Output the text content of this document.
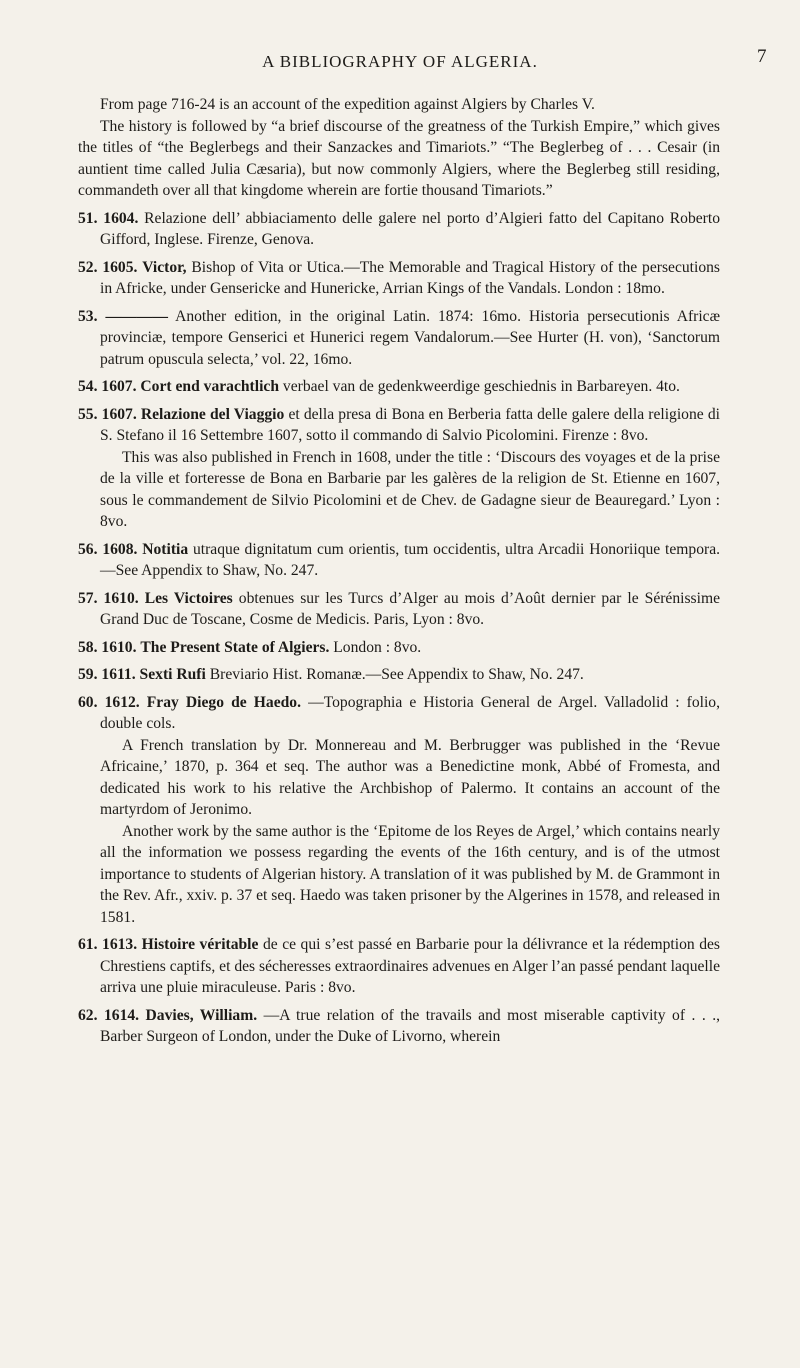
A BIBLIOGRAPHY OF ALGERIA.	7

From page 716-24 is an account of the expedition against Algiers by Charles V.

The history is followed by “a brief discourse of the greatness of the Turkish Empire,” which gives the titles of “the Beglerbegs and their Sanzackes and Timariots.” “The Beglerbeg of . . . Cesair (in auntient time called Julia Cæsaria), but now commonly Algiers, where the Beglerbeg still residing, commandeth over all that kingdome wherein are fortie thousand Timariots.”

51. 1604. Relazione dell’ abbiaciamento delle galere nel porto d’Algieri fatto del Capitano Roberto Gifford, Inglese. Firenze, Genova.

52. 1605. Victor, Bishop of Vita or Utica.—The Memorable and Tragical History of the persecutions in Africke, under Gensericke and Hunericke, Arrian Kings of the Vandals. London : 18mo.

53. ———— Another edition, in the original Latin. 1874: 16mo. Historia persecutionis Africæ provinciæ, tempore Genserici et Hunerici regem Vandalorum.—See Hurter (H. von), ‘Sanctorum patrum opuscula selecta,’ vol. 22, 16mo.

54. 1607. Cort end varachtlich verbael van de gedenkweerdige geschiednis in Barbareyen. 4to.

55. 1607. Relazione del Viaggio et della presa di Bona en Berberia fatta delle galere della religione di S. Stefano il 16 Settembre 1607, sotto il commando di Salvio Picolomini. Firenze : 8vo.

This was also published in French in 1608, under the title : ‘Discours des voyages et de la prise de la ville et forteresse de Bona en Barbarie par les galères de la religion de St. Etienne en 1607, sous le commandement de Silvio Picolomini et de Chev. de Gadagne sieur de Beauregard.’ Lyon : 8vo.

56. 1608. Notitia utraque dignitatum cum orientis, tum occidentis, ultra Arcadii Honoriique tempora.—See Appendix to Shaw, No. 247.

57. 1610. Les Victoires obtenues sur les Turcs d’Alger au mois d’Août dernier par le Sérénissime Grand Duc de Toscane, Cosme de Medicis. Paris, Lyon : 8vo.

58. 1610. The Present State of Algiers. London : 8vo.

59. 1611. Sexti Rufi Breviario Hist. Romanæ.—See Appendix to Shaw, No. 247.

60. 1612. Fray Diego de Haedo. —Topographia e Historia General de Argel. Valladolid : folio, double cols.

A French translation by Dr. Monnereau and M. Berbrugger was published in the ‘Revue Africaine,’ 1870, p. 364 et seq. The author was a Benedictine monk, Abbé of Fromesta, and dedicated his work to his relative the Archbishop of Palermo. It contains an account of the martyrdom of Jeronimo.

Another work by the same author is the ‘Epitome de los Reyes de Argel,’ which contains nearly all the information we possess regarding the events of the 16th century, and is of the utmost importance to students of Algerian history. A translation of it was published by M. de Grammont in the Rev. Afr., xxiv. p. 37 et seq. Haedo was taken prisoner by the Algerines in 1578, and released in 1581.

61. 1613. Histoire véritable de ce qui s’est passé en Barbarie pour la délivrance et la rédemption des Chrestiens captifs, et des sécheresses extraordinaires advenues en Alger l’an passé pendant laquelle arriva une pluie miraculeuse. Paris : 8vo.

62. 1614. Davies, William. —A true relation of the travails and most miserable captivity of . . ., Barber Surgeon of London, under the Duke of Livorno, wherein
